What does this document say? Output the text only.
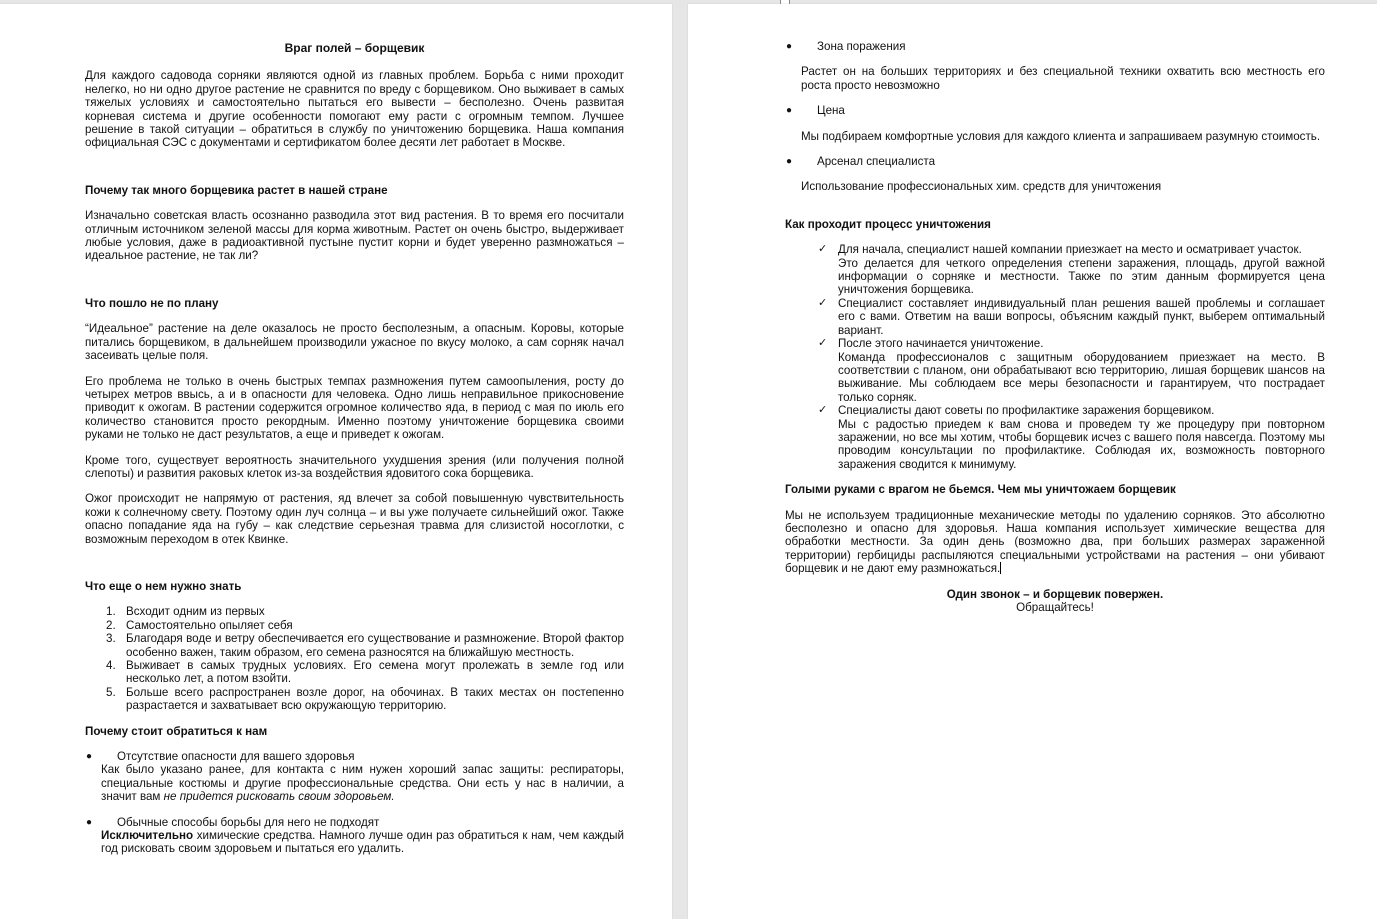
Враг полей – борщевик

Для каждого садовода сорняки являются одной из главных проблем. Борьба с ними проходит нелегко, но ни одно другое растение не сравнится по вреду с борщевиком. Оно выживает в самых тяжелых условиях и самостоятельно пытаться его вывести – бесполезно. Очень развитая корневая система и другие особенности помогают ему расти с огромным темпом. Лучшее решение в такой ситуации – обратиться в службу по уничтожению борщевика. Наша компания официальная СЭС с документами и сертификатом более десяти лет работает в Москве.

Почему так много борщевика растет в нашей стране

Изначально советская власть осознанно разводила этот вид растения. В то время его посчитали отличным источником зеленой массы для корма животным. Растет он очень быстро, выдерживает любые условия, даже в радиоактивной пустыне пустит корни и будет уверенно размножаться – идеальное растение, не так ли?

Что пошло не по плану

“Идеальное” растение на деле оказалось не просто бесполезным, а опасным. Коровы, которые питались борщевиком, в дальнейшем производили ужасное по вкусу молоко, а сам сорняк начал засеивать целые поля.

Его проблема не только в очень быстрых темпах размножения путем самоопыления, росту до четырех метров ввысь, а и в опасности для человека. Одно лишь неправильное прикосновение приводит к ожогам. В растении содержится огромное количество яда, в период с мая по июль его количество становится просто рекордным. Именно поэтому уничтожение борщевика своими руками не только не даст результатов, а еще и приведет к ожогам.

Кроме того, существует вероятность значительного ухудшения зрения (или получения полной слепоты) и развития раковых клеток из-за воздействия ядовитого сока борщевика.

Ожог происходит не напрямую от растения, яд влечет за собой повышенную чувствительность кожи к солнечному свету. Поэтому один луч солнца – и вы уже получаете сильнейший ожог. Также опасно попадание яда на губу – как следствие серьезная травма для слизистой носоглотки, с возможным переходом в отек Квинке.

Что еще о нем нужно знать

1. Всходит одним из первых
2. Самостоятельно опыляет себя
3. Благодаря воде и ветру обеспечивается его существование и размножение. Второй фактор особенно важен, таким образом, его семена разносятся на ближайшую местность.
4. Выживает в самых трудных условиях. Его семена могут пролежать в земле год или несколько лет, а потом взойти.
5. Больше всего распространен возле дорог, на обочинах. В таких местах он постепенно разрастается и захватывает всю окружающую территорию.

Почему стоит обратиться к нам

● Отсутствие опасности для вашего здоровья

Как было указано ранее, для контакта с ним нужен хороший запас защиты: респираторы, специальные костюмы и другие профессиональные средства. Они есть у нас в наличии, а значит вам не придется рисковать своим здоровьем.

● Обычные способы борьбы для него не подходят

Исключительно химические средства. Намного лучше один раз обратиться к нам, чем каждый год рисковать своим здоровьем и пытаться его удалить.

● Зона поражения

Растет он на больших территориях и без специальной техники охватить всю местность его роста просто невозможно

● Цена

Мы подбираем комфортные условия для каждого клиента и запрашиваем разумную стоимость.

● Арсенал специалиста

Использование профессиональных хим. средств для уничтожения

Как проходит процесс уничтожения

✓ Для начала, специалист нашей компании приезжает на место и осматривает участок.
Это делается для четкого определения степени заражения, площадь, другой важной информации о сорняке и местности. Также по этим данным формируется цена уничтожения борщевика.
✓ Специалист составляет индивидуальный план решения вашей проблемы и соглашает его с вами. Ответим на ваши вопросы, объясним каждый пункт, выберем оптимальный вариант.
✓ После этого начинается уничтожение.
Команда профессионалов с защитным оборудованием приезжает на место. В соответствии с планом, они обрабатывают всю территорию, лишая борщевик шансов на выживание. Мы соблюдаем все меры безопасности и гарантируем, что пострадает только сорняк.
✓ Специалисты дают советы по профилактике заражения борщевиком.
Мы с радостью приедем к вам снова и проведем ту же процедуру при повторном заражении, но все мы хотим, чтобы борщевик исчез с вашего поля навсегда. Поэтому мы проводим консультации по профилактике. Соблюдая их, возможность повторного заражения сводится к минимуму.

Голыми руками с врагом не бьемся. Чем мы уничтожаем борщевик

Мы не используем традиционные механические методы по удалению сорняков. Это абсолютно бесполезно и опасно для здоровья. Наша компания использует химические вещества для обработки местности. За один день (возможно два, при больших размерах зараженной территории) гербициды распыляются специальными устройствами на растения – они убивают борщевик и не дают ему размножаться.

Один звонок – и борщевик повержен.

Обращайтесь!
